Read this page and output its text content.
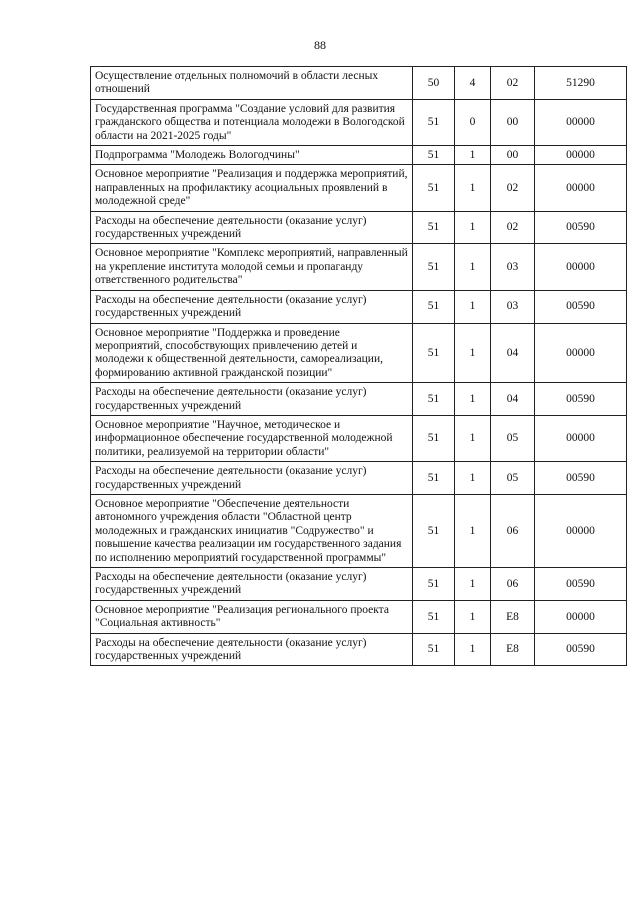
88
Осуществление отдельных полномочий в области лесных отношений	50	4	02	51290
Государственная программа "Создание условий для развития гражданского общества и потенциала молодежи в Вологодской области на 2021-2025 годы"	51	0	00	00000
Подпрограмма "Молодежь Вологодчины"	51	1	00	00000
Основное мероприятие "Реализация и поддержка мероприятий, направленных на профилактику асоциальных проявлений в молодежной среде"	51	1	02	00000
Расходы на обеспечение деятельности (оказание услуг) государственных учреждений	51	1	02	00590
Основное мероприятие "Комплекс мероприятий, направленный на укрепление института молодой семьи и пропаганду ответственного родительства"	51	1	03	00000
Расходы на обеспечение деятельности (оказание услуг) государственных учреждений	51	1	03	00590
Основное мероприятие "Поддержка и проведение мероприятий, способствующих привлечению детей и молодежи к общественной деятельности, самореализации, формированию активной гражданской позиции"	51	1	04	00000
Расходы на обеспечение деятельности (оказание услуг) государственных учреждений	51	1	04	00590
Основное мероприятие "Научное, методическое и информационное обеспечение государственной молодежной политики, реализуемой на территории области"	51	1	05	00000
Расходы на обеспечение деятельности (оказание услуг) государственных учреждений	51	1	05	00590
Основное мероприятие "Обеспечение деятельности автономного учреждения области "Областной центр молодежных и гражданских инициатив "Содружество" и повышение качества реализации им государственного задания по исполнению мероприятий государственной программы"	51	1	06	00000
Расходы на обеспечение деятельности (оказание услуг) государственных учреждений	51	1	06	00590
Основное мероприятие "Реализация регионального проекта "Социальная активность"	51	1	E8	00000
Расходы на обеспечение деятельности (оказание услуг) государственных учреждений	51	1	E8	00590
